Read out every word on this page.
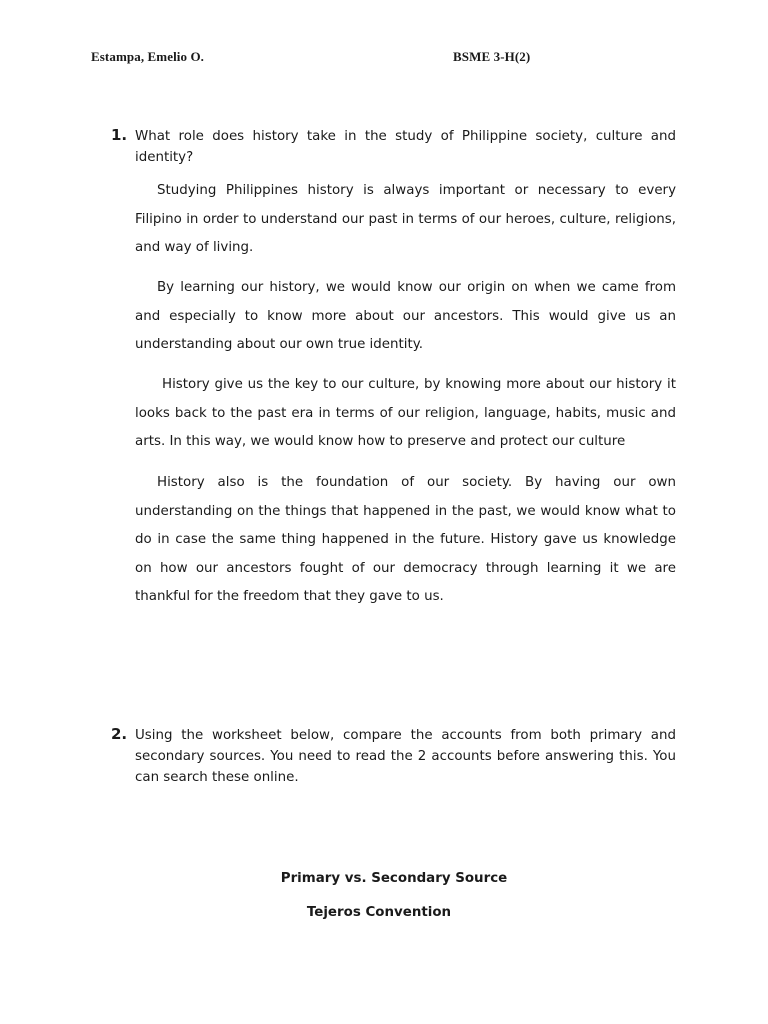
Estampa, Emelio O.	BSME 3-H(2)
1. What role does history take in the study of Philippine society, culture and identity?

Studying Philippines history is always important or necessary to every Filipino in order to understand our past in terms of our heroes, culture, religions, and way of living.

By learning our history, we would know our origin on when we came from and especially to know more about our ancestors. This would give us an understanding about our own true identity.

History give us the key to our culture, by knowing more about our history it looks back to the past era in terms of our religion, language, habits, music and arts. In this way, we would know how to preserve and protect our culture

History also is the foundation of our society. By having our own understanding on the things that happened in the past, we would know what to do in case the same thing happened in the future. History gave us knowledge on how our ancestors fought of our democracy through learning it we are thankful for the freedom that they gave to us.

2. Using the worksheet below, compare the accounts from both primary and secondary sources. You need to read the 2 accounts before answering this. You can search these online.
Primary vs. Secondary Source
Tejeros Convention
